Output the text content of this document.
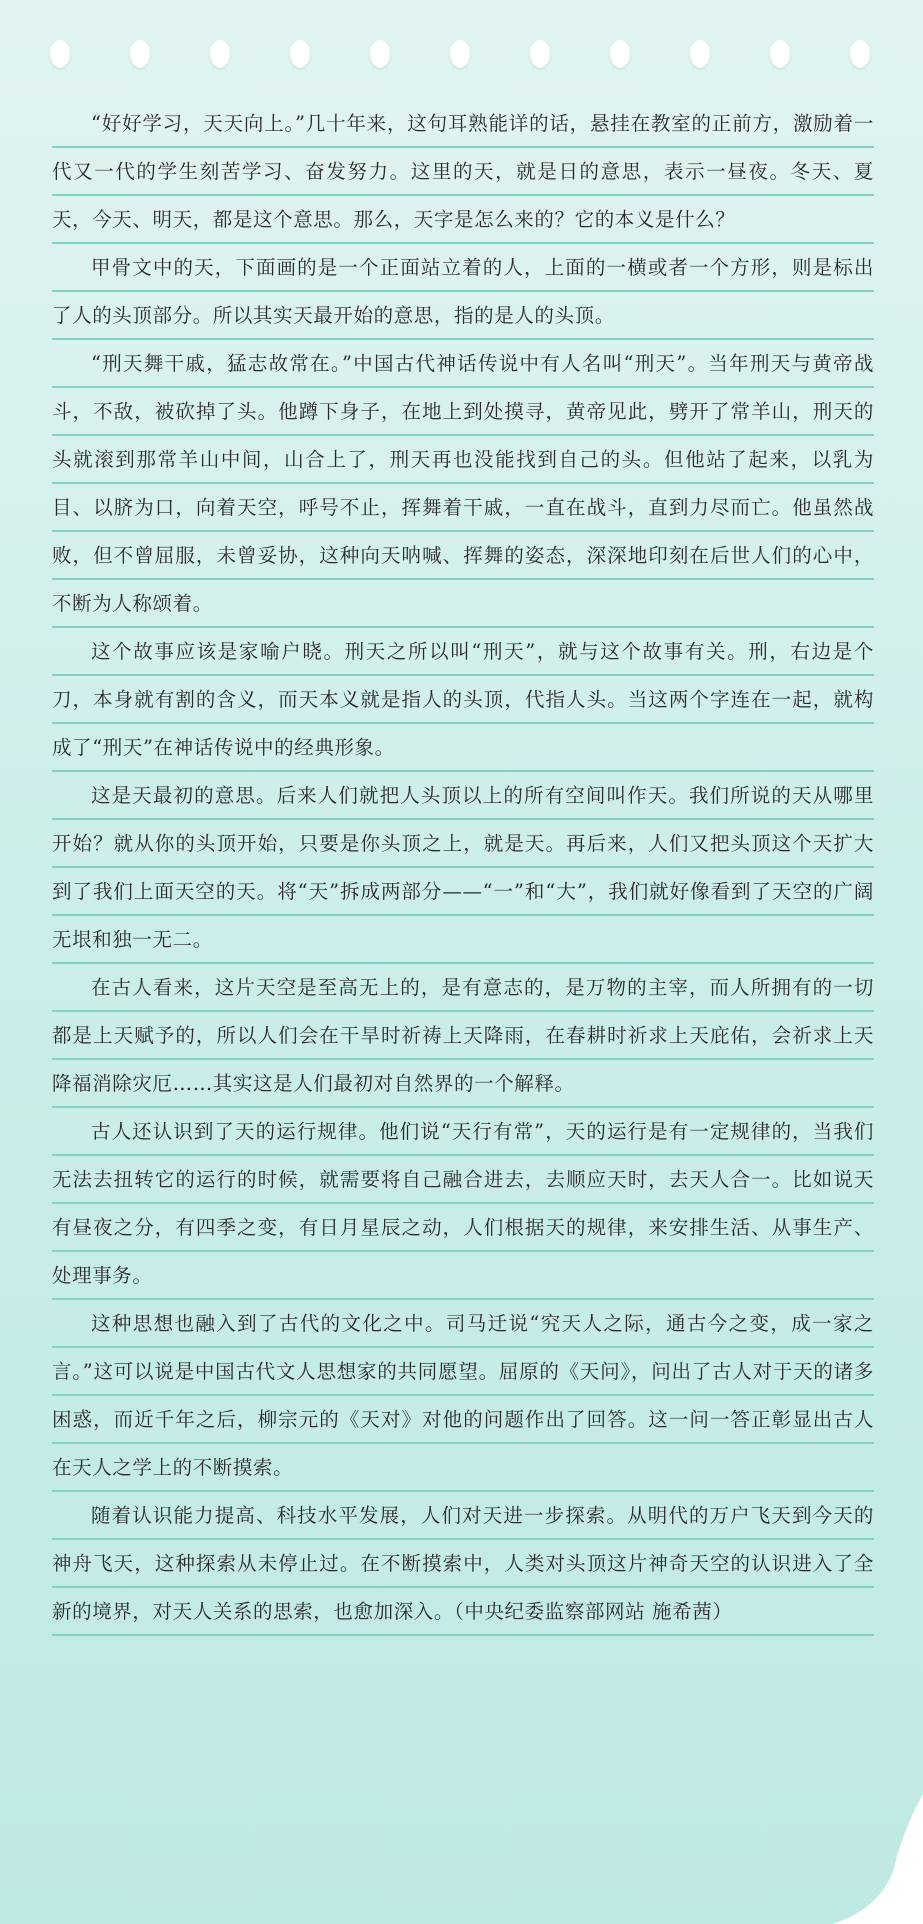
“好好学习，天天向上。”几十年来，这句耳熟能详的话，悬挂在教室的正前方，激励着一代又一代的学生刻苦学习、奋发努力。这里的天，就是日的意思，表示一昼夜。冬天、夏天，今天、明天，都是这个意思。那么，天字是怎么来的？它的本义是什么？

甲骨文中的天，下面画的是一个正面站立着的人，上面的一横或者一个方形，则是标出了人的头顶部分。所以其实天最开始的意思，指的是人的头顶。

“刑天舞干戚，猛志故常在。”中国古代神话传说中有人名叫“刑天”。当年刑天与黄帝战斗，不敌，被砍掉了头。他蹲下身子，在地上到处摸寻，黄帝见此，劈开了常羊山，刑天的头就滚到那常羊山中间，山合上了，刑天再也没能找到自己的头。但他站了起来，以乳为目、以脐为口，向着天空，呼号不止，挥舞着干戚，一直在战斗，直到力尽而亡。他虽然战败，但不曾屈服，未曾妥协，这种向天呐喊、挥舞的姿态，深深地印刻在后世人们的心中，不断为人称颂着。

这个故事应该是家喻户晓。刑天之所以叫“刑天”，就与这个故事有关。刑，右边是个刀，本身就有割的含义，而天本义就是指人的头顶，代指人头。当这两个字连在一起，就构成了“刑天”在神话传说中的经典形象。

这是天最初的意思。后来人们就把人头顶以上的所有空间叫作天。我们所说的天从哪里开始？就从你的头顶开始，只要是你头顶之上，就是天。再后来，人们又把头顶这个天扩大到了我们上面天空的天。将“天”拆成两部分——“一”和“大”，我们就好像看到了天空的广阔无垠和独一无二。

在古人看来，这片天空是至高无上的，是有意志的，是万物的主宰，而人所拥有的一切都是上天赋予的，所以人们会在干旱时祈祷上天降雨，在春耕时祈求上天庇佑，会祈求上天降福消除灾厄……其实这是人们最初对自然界的一个解释。

古人还认识到了天的运行规律。他们说“天行有常”，天的运行是有一定规律的，当我们无法去扭转它的运行的时候，就需要将自己融合进去，去顺应天时，去天人合一。比如说天有昼夜之分，有四季之变，有日月星辰之动，人们根据天的规律，来安排生活、从事生产、处理事务。

这种思想也融入到了古代的文化之中。司马迁说“究天人之际，通古今之变，成一家之言。”这可以说是中国古代文人思想家的共同愿望。屈原的《天问》，问出了古人对于天的诸多困惑，而近千年之后，柳宗元的《天对》对他的问题作出了回答。这一问一答正彰显出古人在天人之学上的不断摸索。

随着认识能力提高、科技水平发展，人们对天进一步探索。从明代的万户飞天到今天的神舟飞天，这种探索从未停止过。在不断摸索中，人类对头顶这片神奇天空的认识进入了全新的境界，对天人关系的思索，也愈加深入。（中央纪委监察部网站 施希茜）
